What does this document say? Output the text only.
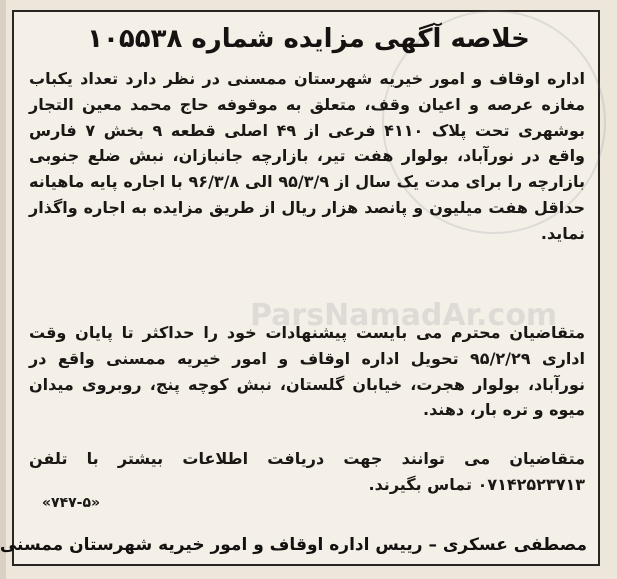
خلاصه آگهی مزایده شماره ۱۰۵۵۳۸
اداره اوقاف و امور خیریه شهرستان ممسنی در نظر دارد تعداد یکباب مغازه عرصه و اعیان وقف، متعلق به موقوفه حاج محمد معین التجار بوشهری تحت پلاک ۴۱۱۰ فرعی از ۴۹ اصلی قطعه ۹ بخش ۷ فارس واقع در نورآباد، بولوار هفت تیر، بازارچه جانبازان، نبش ضلع جنوبی بازارچه را برای مدت یک سال از ۹۵/۳/۹ الی ۹۶/۳/۸ با اجاره پایه ماهیانه حداقل هفت میلیون و پانصد هزار ریال از طریق مزایده به اجاره واگذار نماید.
متقاضیان محترم می بایست پیشنهادات خود را حداکثر تا پایان وقت اداری ۹۵/۲/۲۹ تحویل اداره اوقاف و امور خیریه ممسنی واقع در نورآباد، بولوار هجرت، خیابان گلستان، نبش کوچه پنج، روبروی میدان میوه و تره بار، دهند.
متقاضیان می توانند جهت دریافت اطلاعات بیشتر با تلفن ۰۷۱۴۲۵۲۳۷۱۳ تماس بگیرند.
«۷۴۷-۵»
مصطفی عسکری – رییس اداره اوقاف و امور خیریه شهرستان ممسنی
